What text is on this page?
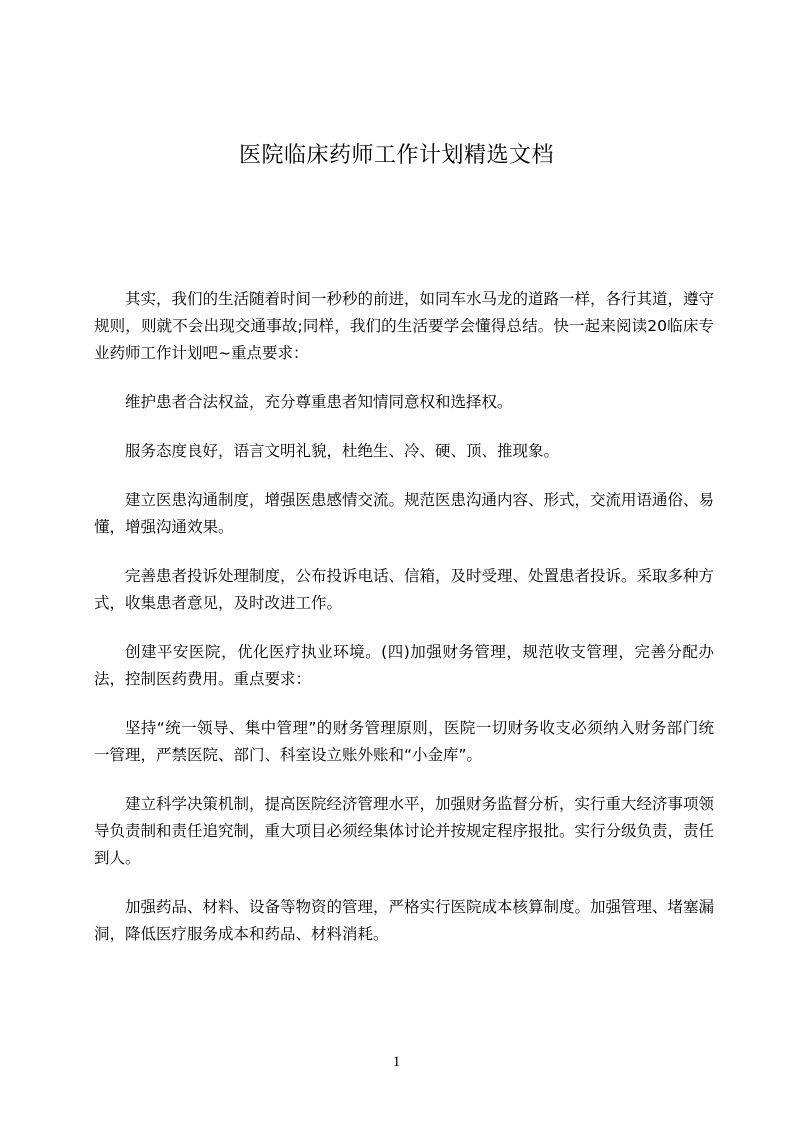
医院临床药师工作计划精选文档

其实，我们的生活随着时间一秒秒的前进，如同车水马龙的道路一样，各行其道，遵守规则，则就不会出现交通事故;同样，我们的生活要学会懂得总结。快一起来阅读20临床专业药师工作计划吧~重点要求：

维护患者合法权益，充分尊重患者知情同意权和选择权。

服务态度良好，语言文明礼貌，杜绝生、冷、硬、顶、推现象。

建立医患沟通制度，增强医患感情交流。规范医患沟通内容、形式，交流用语通俗、易懂，增强沟通效果。

完善患者投诉处理制度，公布投诉电话、信箱，及时受理、处置患者投诉。采取多种方式，收集患者意见，及时改进工作。

创建平安医院，优化医疗执业环境。(四)加强财务管理，规范收支管理，完善分配办法，控制医药费用。重点要求：

坚持“统一领导、集中管理”的财务管理原则，医院一切财务收支必须纳入财务部门统一管理，严禁医院、部门、科室设立账外账和“小金库”。

建立科学决策机制，提高医院经济管理水平，加强财务监督分析，实行重大经济事项领导负责制和责任追究制，重大项目必须经集体讨论并按规定程序报批。实行分级负责，责任到人。

加强药品、材料、设备等物资的管理，严格实行医院成本核算制度。加强管理、堵塞漏洞，降低医疗服务成本和药品、材料消耗。

1
